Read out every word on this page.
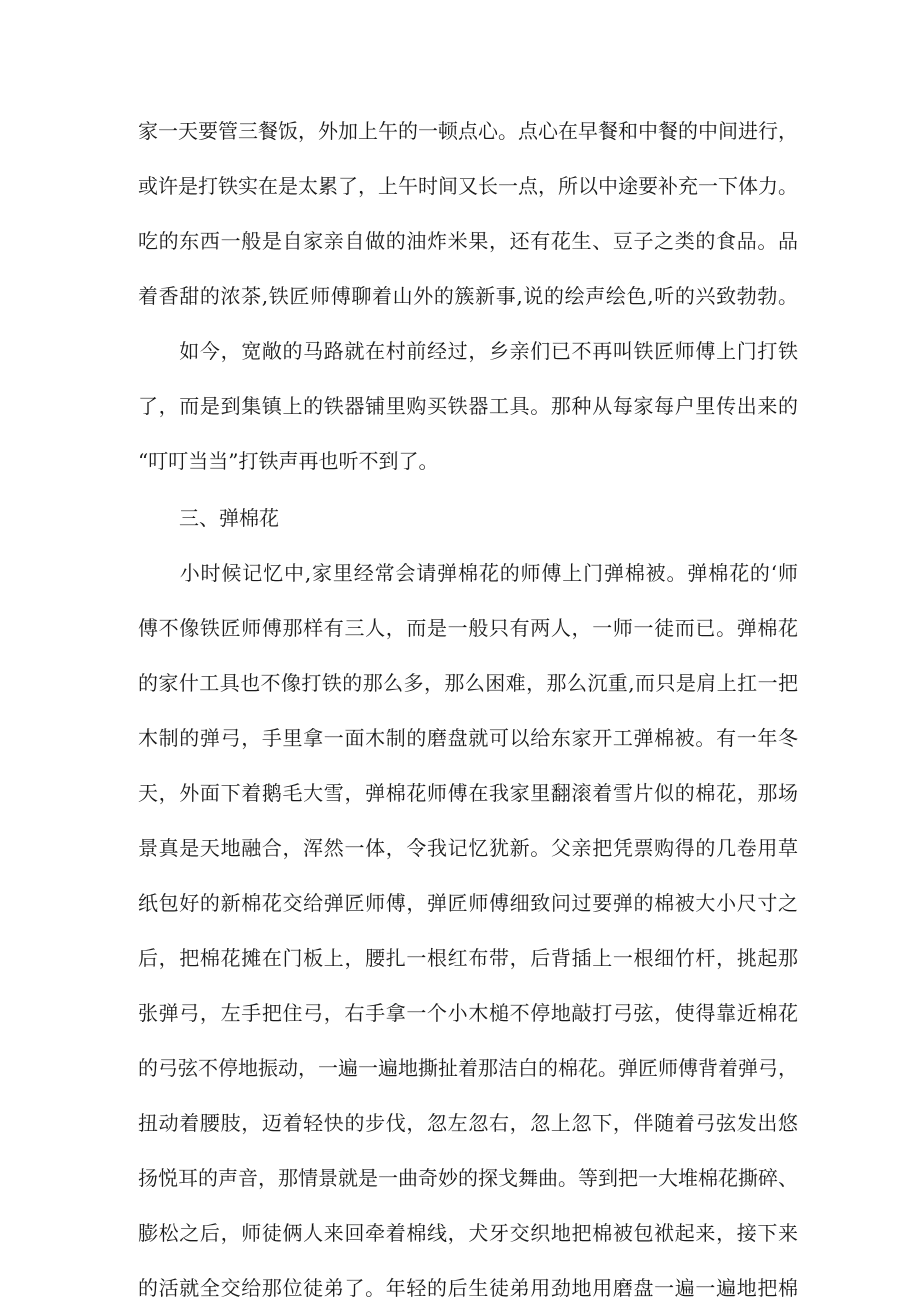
家一天要管三餐饭，外加上午的一顿点心。点心在早餐和中餐的中间进行，
或许是打铁实在是太累了，上午时间又长一点，所以中途要补充一下体力。
吃的东西一般是自家亲自做的油炸米果，还有花生、豆子之类的食品。品
着香甜的浓茶,铁匠师傅聊着山外的簇新事,说的绘声绘色,听的兴致勃勃。
　　如今，宽敞的马路就在村前经过，乡亲们已不再叫铁匠师傅上门打铁
了，而是到集镇上的铁器铺里购买铁器工具。那种从每家每户里传出来的
“叮叮当当”打铁声再也听不到了。
三、弹棉花
　　小时候记忆中,家里经常会请弹棉花的师傅上门弹棉被。弹棉花的‘师
傅不像铁匠师傅那样有三人，而是一般只有两人，一师一徒而已。弹棉花
的家什工具也不像打铁的那么多，那么困难，那么沉重,而只是肩上扛一把
木制的弹弓，手里拿一面木制的磨盘就可以给东家开工弹棉被。有一年冬
天，外面下着鹅毛大雪，弹棉花师傅在我家里翻滚着雪片似的棉花，那场
景真是天地融合，浑然一体，令我记忆犹新。父亲把凭票购得的几卷用草
纸包好的新棉花交给弹匠师傅，弹匠师傅细致问过要弹的棉被大小尺寸之
后，把棉花摊在门板上，腰扎一根红布带，后背插上一根细竹杆，挑起那
张弹弓，左手把住弓，右手拿一个小木槌不停地敲打弓弦，使得靠近棉花
的弓弦不停地振动，一遍一遍地撕扯着那洁白的棉花。弹匠师傅背着弹弓，
扭动着腰肢，迈着轻快的步伐，忽左忽右，忽上忽下，伴随着弓弦发出悠
扬悦耳的声音，那情景就是一曲奇妙的探戈舞曲。等到把一大堆棉花撕碎、
膨松之后，师徒俩人来回牵着棉线，犬牙交织地把棉被包袱起来，接下来
的活就全交给那位徒弟了。年轻的后生徒弟用劲地用磨盘一遍一遍地把棉
